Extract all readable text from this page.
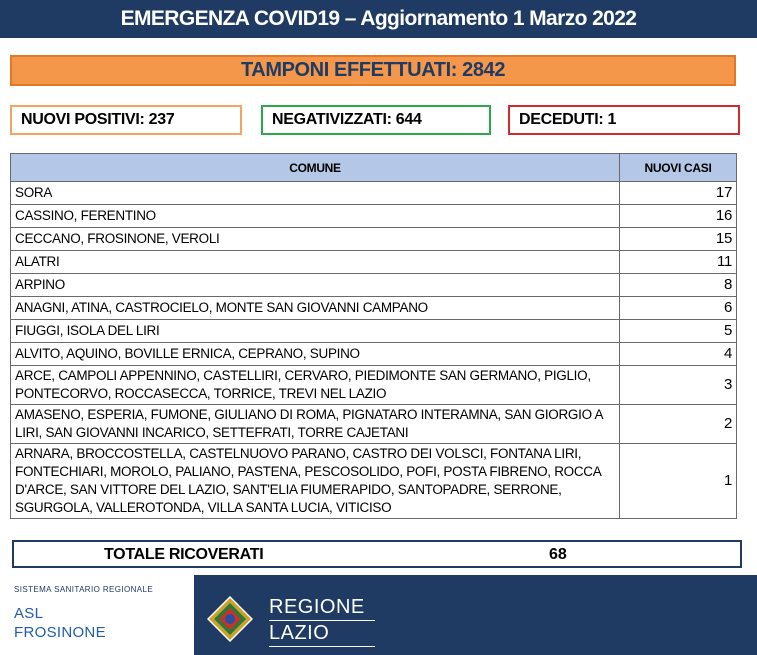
EMERGENZA COVID19 – Aggiornamento 1 Marzo 2022
TAMPONI EFFETTUATI: 2842
NUOVI POSITIVI: 237	NEGATIVIZZATI: 644	DECEDUTI: 1
COMUNE	NUOVI CASI
SORA	17
CASSINO, FERENTINO	16
CECCANO, FROSINONE, VEROLI	15
ALATRI	11
ARPINO	8
ANAGNI, ATINA, CASTROCIELO, MONTE SAN GIOVANNI CAMPANO	6
FIUGGI, ISOLA DEL LIRI	5
ALVITO, AQUINO, BOVILLE ERNICA, CEPRANO, SUPINO	4
ARCE, CAMPOLI APPENNINO, CASTELLIRI, CERVARO, PIEDIMONTE SAN GERMANO, PIGLIO, PONTECORVO, ROCCASECCA, TORRICE, TREVI NEL LAZIO	3
AMASENO, ESPERIA, FUMONE, GIULIANO DI ROMA, PIGNATARO INTERAMNA, SAN GIORGIO A LIRI, SAN GIOVANNI INCARICO, SETTEFRATI, TORRE CAJETANI	2
ARNARA, BROCCOSTELLA, CASTELNUOVO PARANO, CASTRO DEI VOLSCI, FONTANA LIRI, FONTECHIARI, MOROLO, PALIANO, PASTENA, PESCOSOLIDO, POFI, POSTA FIBRENO, ROCCA D'ARCE, SAN VITTORE DEL LAZIO, SANT'ELIA FIUMERAPIDO, SANTOPADRE, SERRONE, SGURGOLA, VALLEROTONDA, VILLA SANTA LUCIA, VITICISO	1
TOTALE RICOVERATI	68
SISTEMA SANITARIO REGIONALE
ASL
FROSINONE
REGIONE
LAZIO
